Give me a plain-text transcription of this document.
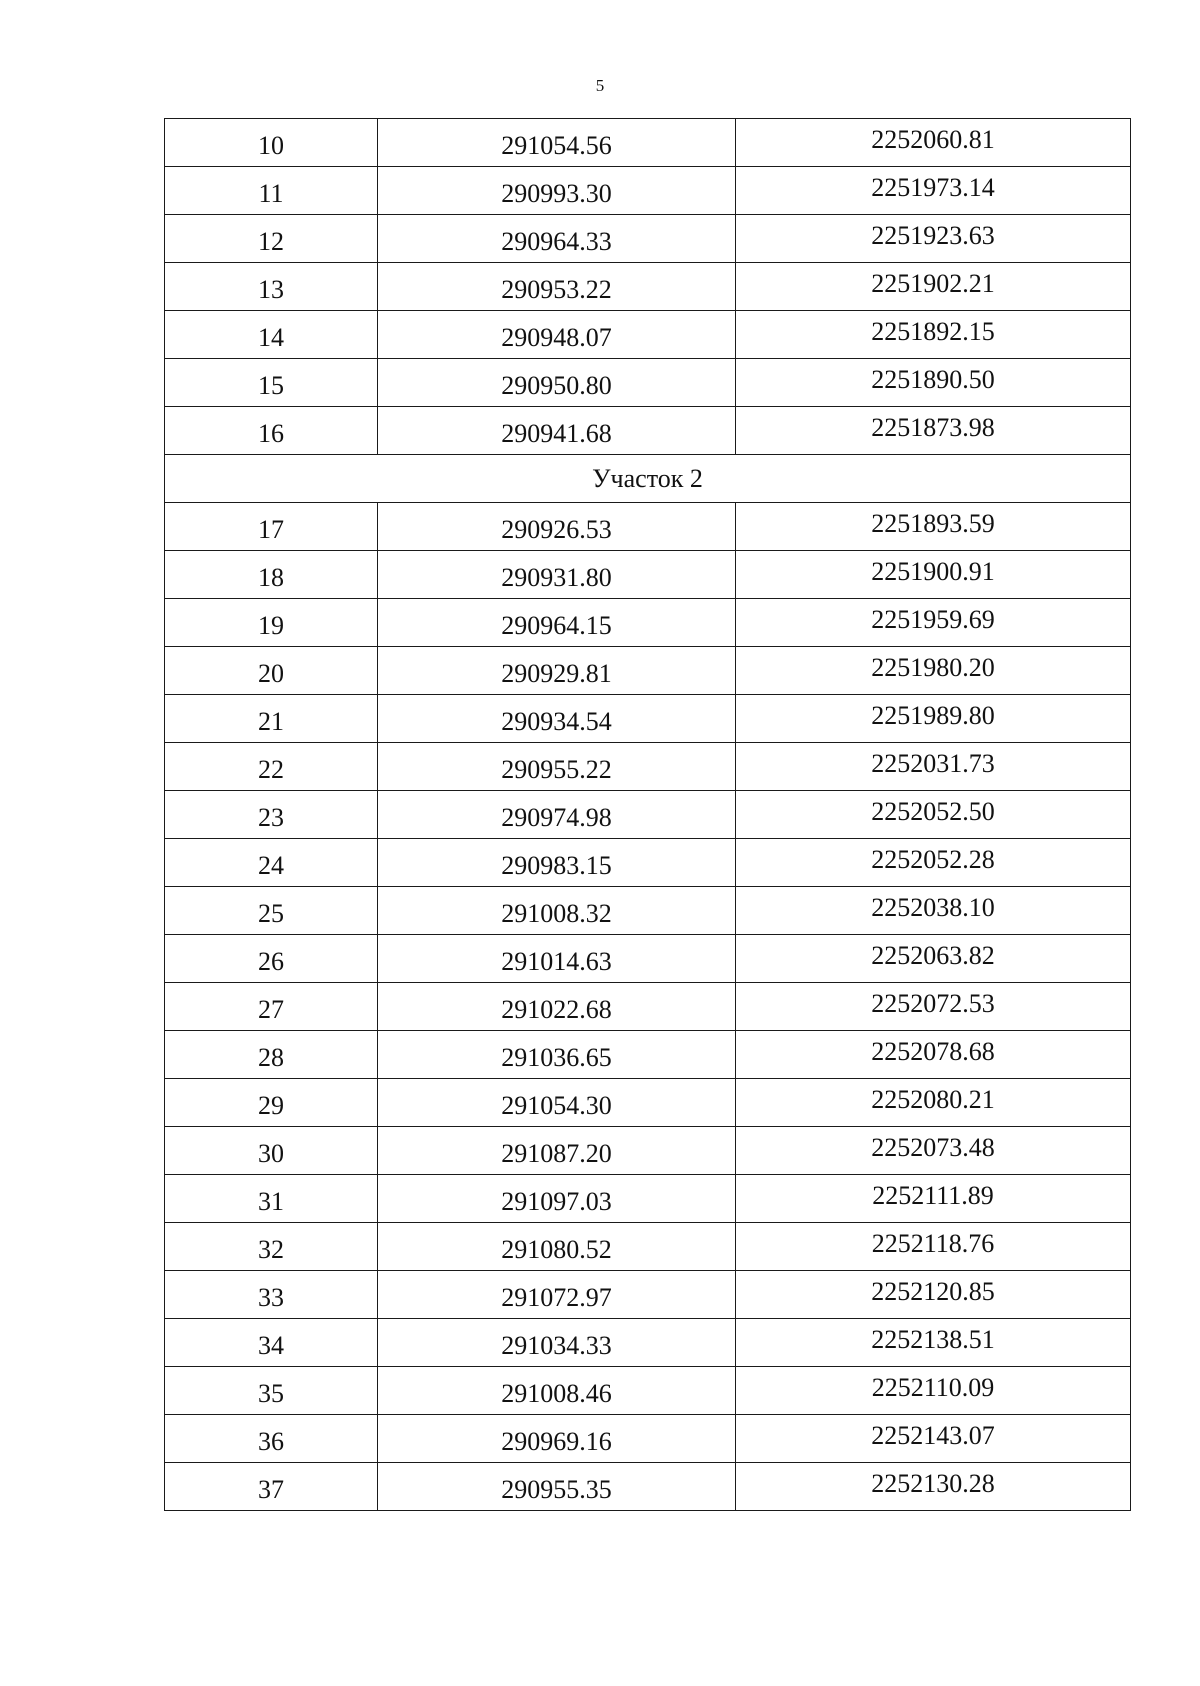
5
10	291054.56	2252060.81
11	290993.30	2251973.14
12	290964.33	2251923.63
13	290953.22	2251902.21
14	290948.07	2251892.15
15	290950.80	2251890.50
16	290941.68	2251873.98
Участок 2		
17	290926.53	2251893.59
18	290931.80	2251900.91
19	290964.15	2251959.69
20	290929.81	2251980.20
21	290934.54	2251989.80
22	290955.22	2252031.73
23	290974.98	2252052.50
24	290983.15	2252052.28
25	291008.32	2252038.10
26	291014.63	2252063.82
27	291022.68	2252072.53
28	291036.65	2252078.68
29	291054.30	2252080.21
30	291087.20	2252073.48
31	291097.03	2252111.89
32	291080.52	2252118.76
33	291072.97	2252120.85
34	291034.33	2252138.51
35	291008.46	2252110.09
36	290969.16	2252143.07
37	290955.35	2252130.28
